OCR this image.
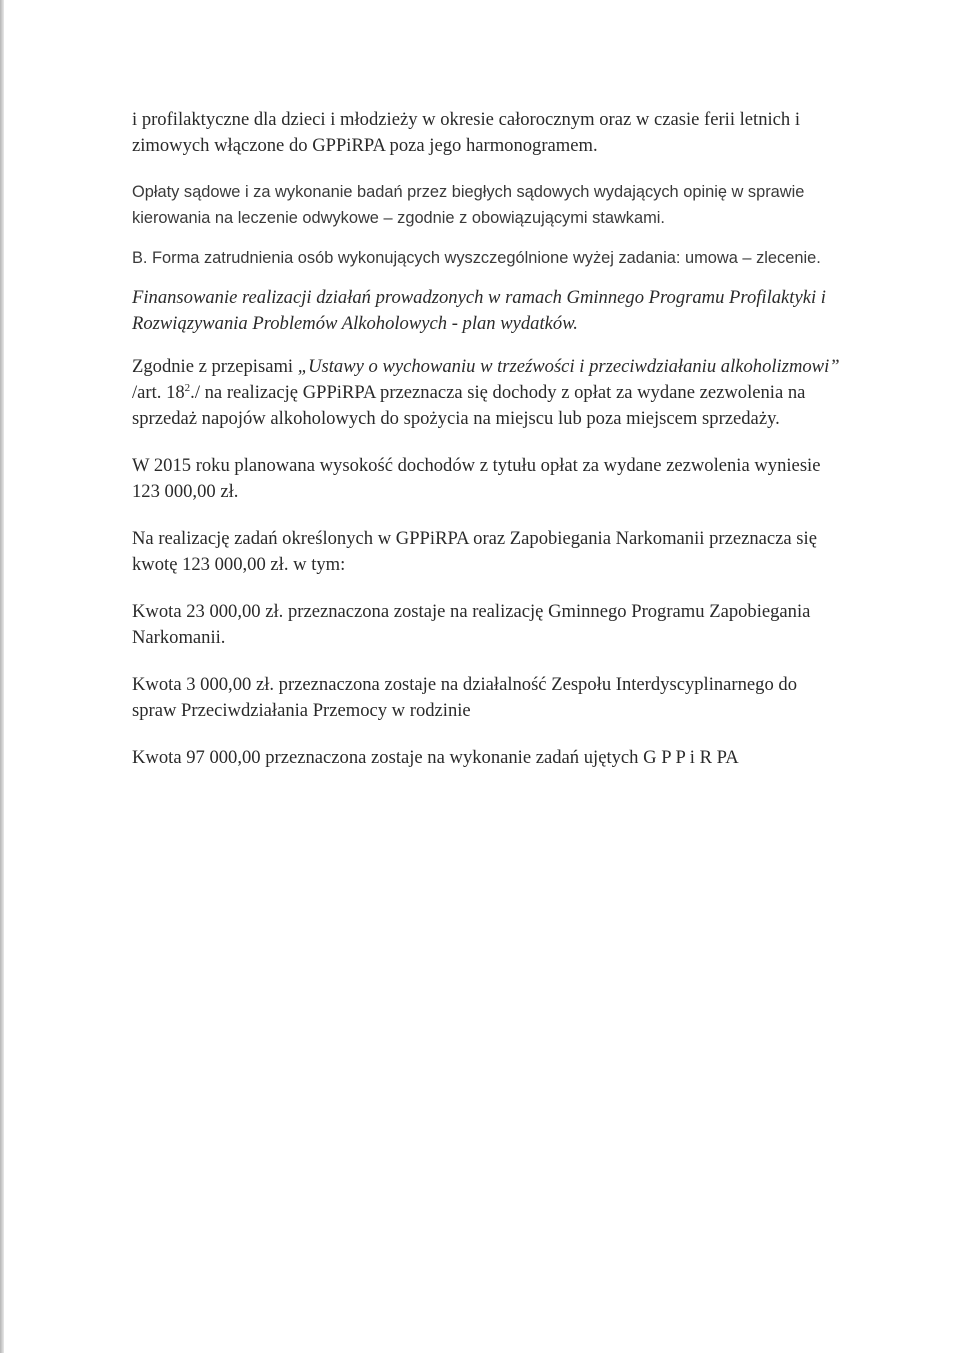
i profilaktyczne dla dzieci i młodzieży w okresie całorocznym oraz w czasie ferii letnich i zimowych włączone do GPPiRPA poza jego harmonogramem.

Opłaty sądowe i za wykonanie badań przez biegłych sądowych wydających opinię w sprawie kierowania na leczenie odwykowe – zgodnie z obowiązującymi stawkami.

B. Forma zatrudnienia osób wykonujących wyszczególnione wyżej zadania: umowa – zlecenie.

Finansowanie realizacji działań prowadzonych w ramach Gminnego Programu Profilaktyki i Rozwiązywania Problemów Alkoholowych - plan wydatków.

Zgodnie z przepisami „Ustawy o wychowaniu w trzeźwości i przeciwdziałaniu alkoholizmowi” /art. $18^2./$ na realizację GPPiRPA przeznacza się dochody z opłat za wydane zezwolenia na sprzedaż napojów alkoholowych do spożycia na miejscu lub poza miejscem sprzedaży.

W 2015 roku planowana wysokość dochodów z tytułu opłat za wydane zezwolenia wyniesie 123 000,00 zł.

Na realizację zadań określonych w GPPiRPA oraz Zapobiegania Narkomanii przeznacza się kwotę 123 000,00 zł. w tym:

Kwota 23 000,00 zł. przeznaczona zostaje na realizację Gminnego Programu Zapobiegania Narkomanii.

Kwota 3 000,00 zł. przeznaczona zostaje na działalność Zespołu Interdyscyplinarnego do spraw Przeciwdziałania Przemocy w rodzinie

Kwota 97 000,00 przeznaczona zostaje na wykonanie zadań ujętych G P P i R PA
